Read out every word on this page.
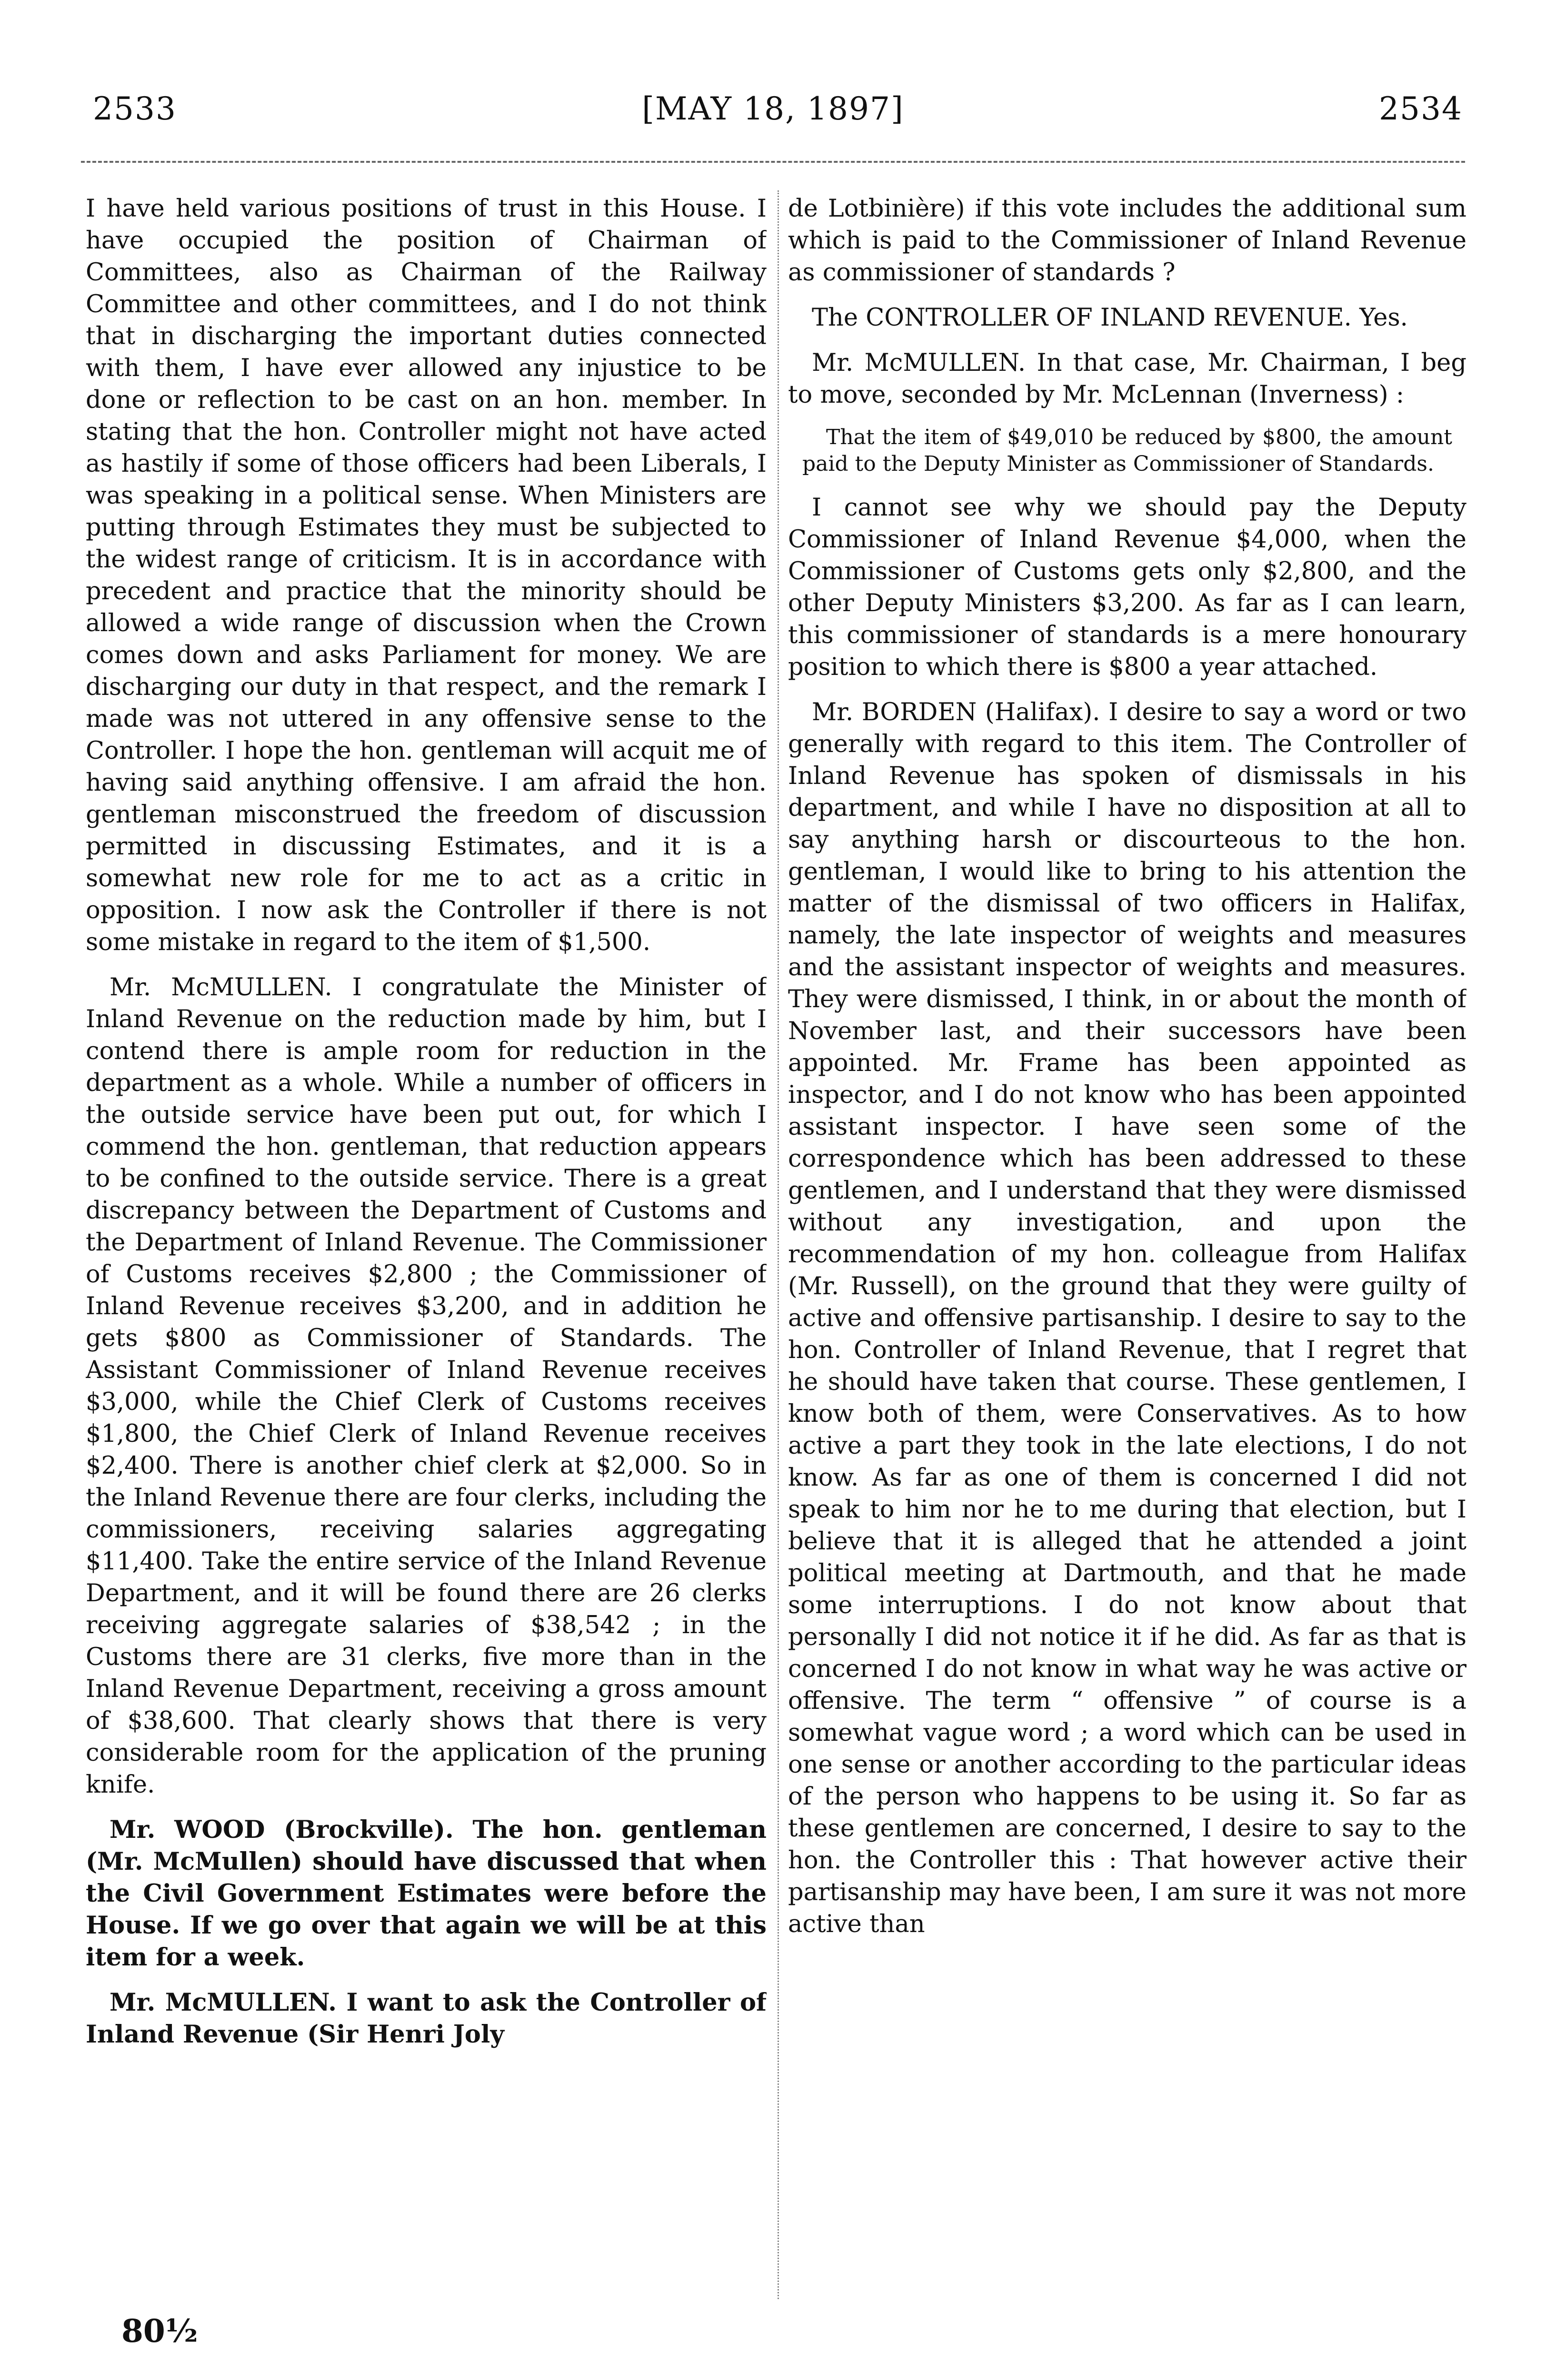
2533	[MAY 18, 1897]	2534

I have held various positions of trust in this House. I have occupied the position of Chairman of Committees, also as Chairman of the Railway Committee and other committees, and I do not think that in discharging the important duties connected with them, I have ever allowed any injustice to be done or reflection to be cast on an hon. member. In stating that the hon. Controller might not have acted as hastily if some of those officers had been Liberals, I was speaking in a political sense. When Ministers are putting through Estimates they must be subjected to the widest range of criticism. It is in accordance with precedent and practice that the minority should be allowed a wide range of discussion when the Crown comes down and asks Parliament for money. We are discharging our duty in that respect, and the remark I made was not uttered in any offensive sense to the Controller. I hope the hon. gentleman will acquit me of having said anything offensive. I am afraid the hon. gentleman misconstrued the freedom of discussion permitted in discussing Estimates, and it is a somewhat new role for me to act as a critic in opposition. I now ask the Controller if there is not some mistake in regard to the item of $1,500.

Mr. McMULLEN. I congratulate the Minister of Inland Revenue on the reduction made by him, but I contend there is ample room for reduction in the department as a whole. While a number of officers in the outside service have been put out, for which I commend the hon. gentleman, that reduction appears to be confined to the outside service. There is a great discrepancy between the Department of Customs and the Department of Inland Revenue. The Commissioner of Customs receives $2,800 ; the Commissioner of Inland Revenue receives $3,200, and in addition he gets $800 as Commissioner of Standards. The Assistant Commissioner of Inland Revenue receives $3,000, while the Chief Clerk of Customs receives $1,800, the Chief Clerk of Inland Revenue receives $2,400. There is another chief clerk at $2,000. So in the Inland Revenue there are four clerks, including the commissioners, receiving salaries aggregating $11,400. Take the entire service of the Inland Revenue Department, and it will be found there are 26 clerks receiving aggregate salaries of $38,542 ; in the Customs there are 31 clerks, five more than in the Inland Revenue Department, receiving a gross amount of $38,600. That clearly shows that there is very considerable room for the application of the pruning knife.

Mr. WOOD (Brockville). The hon. gentleman (Mr. McMullen) should have discussed that when the Civil Government Estimates were before the House. If we go over that again we will be at this item for a week.

Mr. McMULLEN. I want to ask the Controller of Inland Revenue (Sir Henri Joly

de Lotbinière) if this vote includes the additional sum which is paid to the Commissioner of Inland Revenue as commissioner of standards ?

The CONTROLLER OF INLAND REVENUE. Yes.

Mr. McMULLEN. In that case, Mr. Chairman, I beg to move, seconded by Mr. McLennan (Inverness) :

That the item of $49,010 be reduced by $800, the amount paid to the Deputy Minister as Commissioner of Standards.

I cannot see why we should pay the Deputy Commissioner of Inland Revenue $4,000, when the Commissioner of Customs gets only $2,800, and the other Deputy Ministers $3,200. As far as I can learn, this commissioner of standards is a mere honourary position to which there is $800 a year attached.

Mr. BORDEN (Halifax). I desire to say a word or two generally with regard to this item. The Controller of Inland Revenue has spoken of dismissals in his department, and while I have no disposition at all to say anything harsh or discourteous to the hon. gentleman, I would like to bring to his attention the matter of the dismissal of two officers in Halifax, namely, the late inspector of weights and measures and the assistant inspector of weights and measures. They were dismissed, I think, in or about the month of November last, and their successors have been appointed. Mr. Frame has been appointed as inspector, and I do not know who has been appointed assistant inspector. I have seen some of the correspondence which has been addressed to these gentlemen, and I understand that they were dismissed without any investigation, and upon the recommendation of my hon. colleague from Halifax (Mr. Russell), on the ground that they were guilty of active and offensive partisanship. I desire to say to the hon. Controller of Inland Revenue, that I regret that he should have taken that course. These gentlemen, I know both of them, were Conservatives. As to how active a part they took in the late elections, I do not know. As far as one of them is concerned I did not speak to him nor he to me during that election, but I believe that it is alleged that he attended a joint political meeting at Dartmouth, and that he made some interruptions. I do not know about that personally I did not notice it if he did. As far as that is concerned I do not know in what way he was active or offensive. The term “ offensive ” of course is a somewhat vague word ; a word which can be used in one sense or another according to the particular ideas of the person who happens to be using it. So far as these gentlemen are concerned, I desire to say to the hon. the Controller this : That however active their partisanship may have been, I am sure it was not more active than

80½
